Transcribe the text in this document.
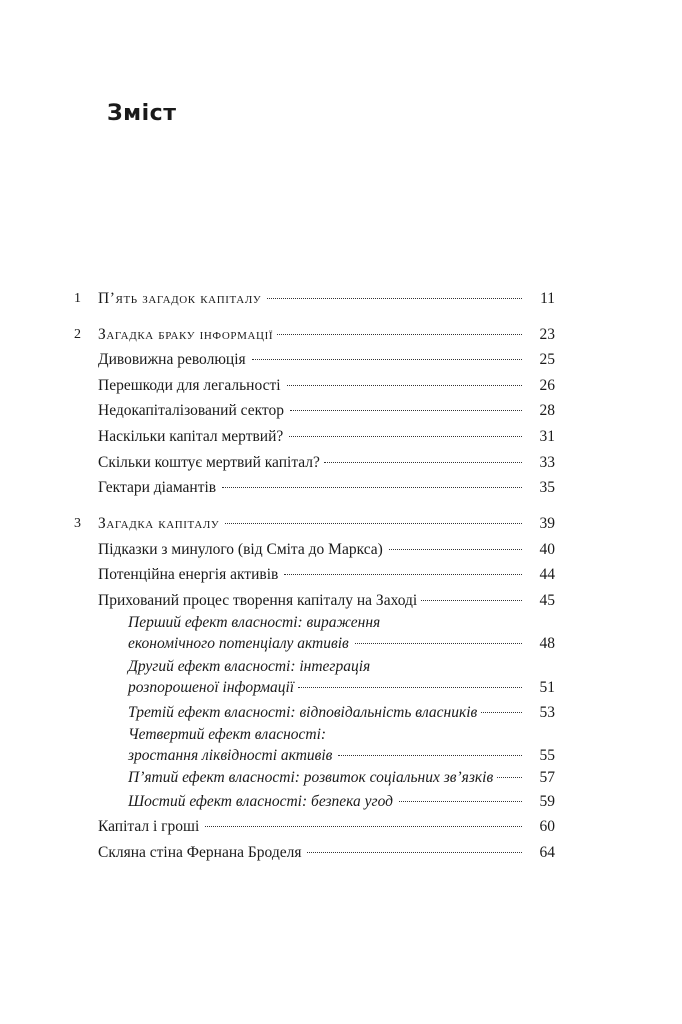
Зміст
1 П’ять загадок капіталу	11
2 Загадка браку інформації	23
Дивовижна революція	25
Перешкоди для легальності	26
Недокапіталізований сектор	28
Наскільки капітал мертвий?	31
Скільки коштує мертвий капітал?	33
Гектари діамантів	35
3 Загадка капіталу	39
Підказки з минулого (від Сміта до Маркса)	40
Потенційна енергія активів	44
Прихований процес творення капіталу на Заході	45
Перший ефект власності: вираження
економічного потенціалу активів	48
Другий ефект власності: інтеграція
розпорошеної інформації	51
Третій ефект власності: відповідальність власників	53
Четвертий ефект власності:
зростання ліквідності активів	55
П’ятий ефект власності: розвиток соціальних зв’язків	57
Шостий ефект власності: безпека угод	59
Капітал і гроші	60
Скляна стіна Фернана Броделя	64
